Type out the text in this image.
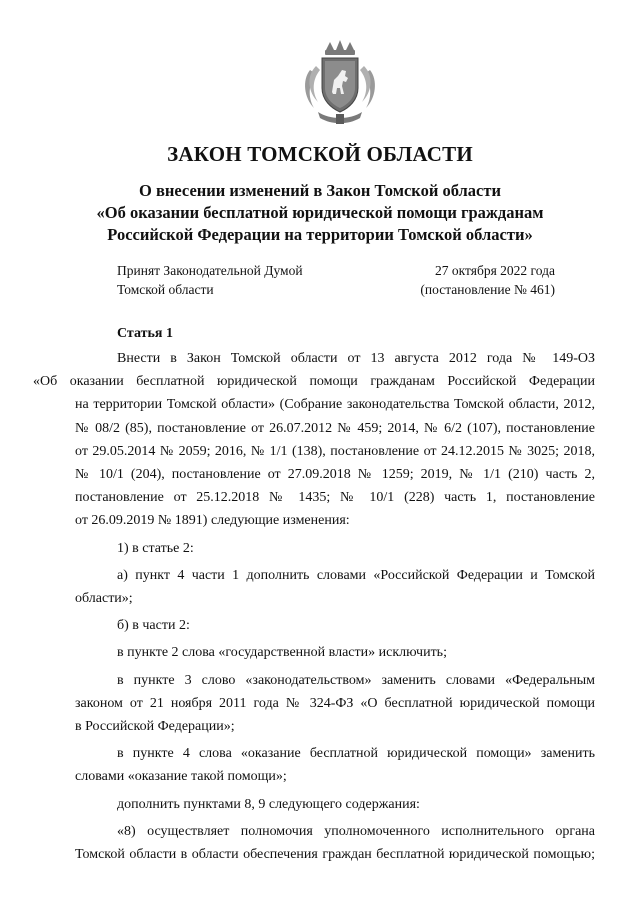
ЗАКОН ТОМСКОЙ ОБЛАСТИ
О внесении изменений в Закон Томской области
«Об оказании бесплатной юридической помощи гражданам
Российской Федерации на территории Томской области»
Принят Законодательной Думой
Томской области
27 октября 2022 года
(постановление № 461)
Статья 1

Внести в Закон Томской области от 13 августа 2012 года № 149-ОЗ
«Об оказании бесплатной юридической помощи гражданам Российской Федерации
на территории Томской области» (Собрание законодательства Томской области, 2012,
№ 08/2 (85), постановление от 26.07.2012 № 459; 2014, № 6/2 (107), постановление
от 29.05.2014 № 2059; 2016, № 1/1 (138), постановление от 24.12.2015 № 3025; 2018,
№ 10/1 (204), постановление от 27.09.2018 № 1259; 2019, № 1/1 (210) часть 2,
постановление от 25.12.2018 № 1435; № 10/1 (228) часть 1, постановление
от 26.09.2019 № 1891) следующие изменения:

1) в статье 2:

а) пункт 4 части 1 дополнить словами «Российской Федерации и Томской
области»;

б) в части 2:

в пункте 2 слова «государственной власти» исключить;

в пункте 3 слово «законодательством» заменить словами «Федеральным
законом от 21 ноября 2011 года № 324-ФЗ «О бесплатной юридической помощи
в Российской Федерации»;

в пункте 4 слова «оказание бесплатной юридической помощи» заменить
словами «оказание такой помощи»;

дополнить пунктами 8, 9 следующего содержания:

«8) осуществляет полномочия уполномоченного исполнительного органа
Томской области в области обеспечения граждан бесплатной юридической помощью;
